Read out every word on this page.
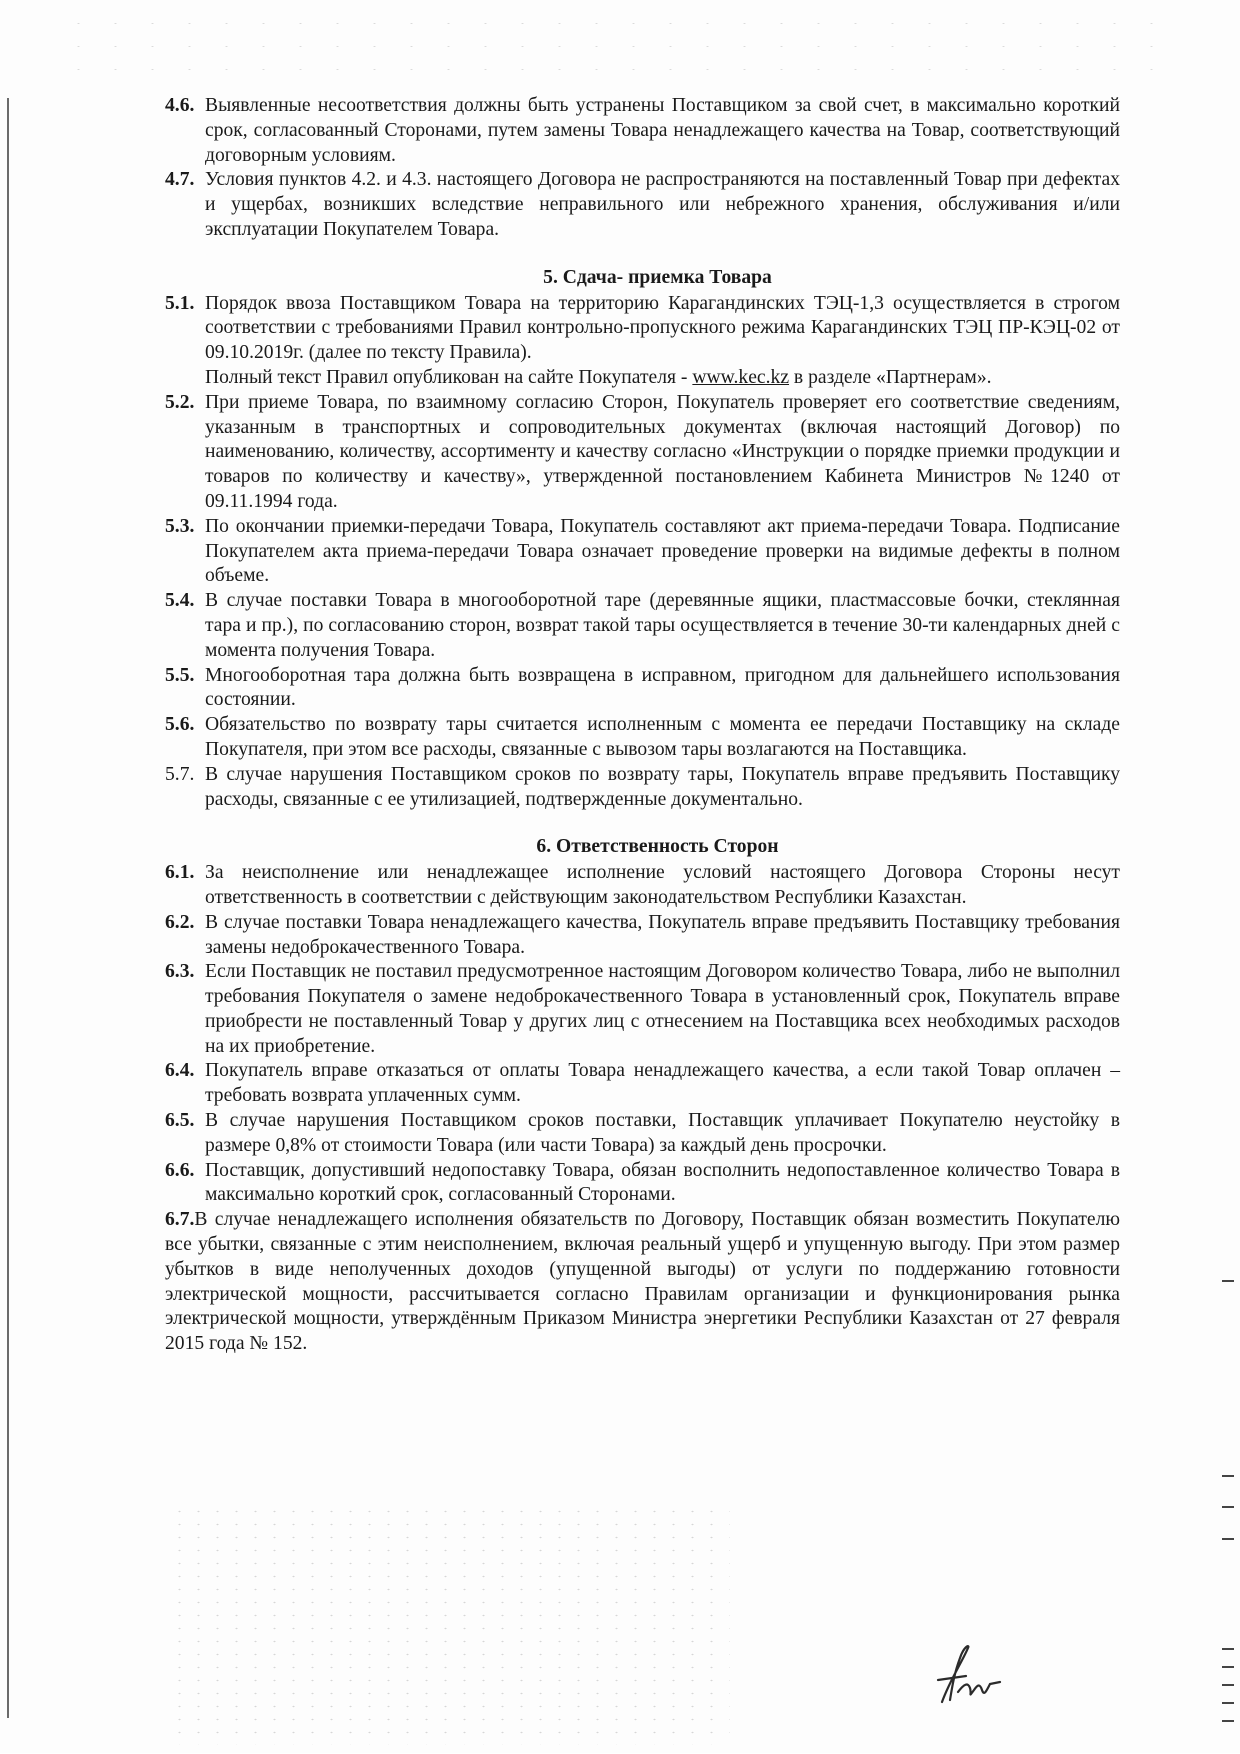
4.6. Выявленные несоответствия должны быть устранены Поставщиком за свой счет, в максимально короткий срок, согласованный Сторонами, путем замены Товара ненадлежащего качества на Товар, соответствующий договорным условиям.
4.7. Условия пунктов 4.2. и 4.3. настоящего Договора не распространяются на поставленный Товар при дефектах и ущербах, возникших вследствие неправильного или небрежного хранения, обслуживания и/или эксплуатации Покупателем Товара.
5. Сдача- приемка Товара
5.1. Порядок ввоза Поставщиком Товара на территорию Карагандинских ТЭЦ-1,3 осуществляется в строгом соответствии с требованиями Правил контрольно-пропускного режима Карагандинских ТЭЦ ПР-КЭЦ-02 от 09.10.2019г. (далее по тексту Правила).
Полный текст Правил опубликован на сайте Покупателя - www.kec.kz в разделе «Партнерам».
5.2. При приеме Товара, по взаимному согласию Сторон, Покупатель проверяет его соответствие сведениям, указанным в транспортных и сопроводительных документах (включая настоящий Договор) по наименованию, количеству, ассортименту и качеству согласно «Инструкции о порядке приемки продукции и товаров по количеству и качеству», утвержденной постановлением Кабинета Министров №1240 от 09.11.1994 года.
5.3. По окончании приемки-передачи Товара, Покупатель составляют акт приема-передачи Товара. Подписание Покупателем акта приема-передачи Товара означает проведение проверки на видимые дефекты в полном объеме.
5.4. В случае поставки Товара в многооборотной таре (деревянные ящики, пластмассовые бочки, стеклянная тара и пр.), по согласованию сторон, возврат такой тары осуществляется в течение 30-ти календарных дней с момента получения Товара.
5.5. Многооборотная тара должна быть возвращена в исправном, пригодном для дальнейшего использования состоянии.
5.6. Обязательство по возврату тары считается исполненным с момента ее передачи Поставщику на складе Покупателя, при этом все расходы, связанные с вывозом тары возлагаются на Поставщика.
5.7. В случае нарушения Поставщиком сроков по возврату тары, Покупатель вправе предъявить Поставщику расходы, связанные с ее утилизацией, подтвержденные документально.
6. Ответственность Сторон
6.1. За неисполнение или ненадлежащее исполнение условий настоящего Договора Стороны несут ответственность в соответствии с действующим законодательством Республики Казахстан.
6.2. В случае поставки Товара ненадлежащего качества, Покупатель вправе предъявить Поставщику требования замены недоброкачественного Товара.
6.3. Если Поставщик не поставил предусмотренное настоящим Договором количество Товара, либо не выполнил требования Покупателя о замене недоброкачественного Товара в установленный срок, Покупатель вправе приобрести не поставленный Товар у других лиц с отнесением на Поставщика всех необходимых расходов на их приобретение.
6.4. Покупатель вправе отказаться от оплаты Товара ненадлежащего качества, а если такой Товар оплачен – требовать возврата уплаченных сумм.
6.5. В случае нарушения Поставщиком сроков поставки, Поставщик уплачивает Покупателю неустойку в размере 0,8% от стоимости Товара (или части Товара) за каждый день просрочки.
6.6. Поставщик, допустивший недопоставку Товара, обязан восполнить недопоставленное количество Товара в максимально короткий срок, согласованный Сторонами.
6.7.В случае ненадлежащего исполнения обязательств по Договору, Поставщик обязан возместить Покупателю все убытки, связанные с этим неисполнением, включая реальный ущерб и упущенную выгоду. При этом размер убытков в виде неполученных доходов (упущенной выгоды) от услуги по поддержанию готовности электрической мощности, рассчитывается согласно Правилам организации и функционирования рынка электрической мощности, утверждённым Приказом Министра энергетики Республики Казахстан от 27 февраля 2015 года № 152.
